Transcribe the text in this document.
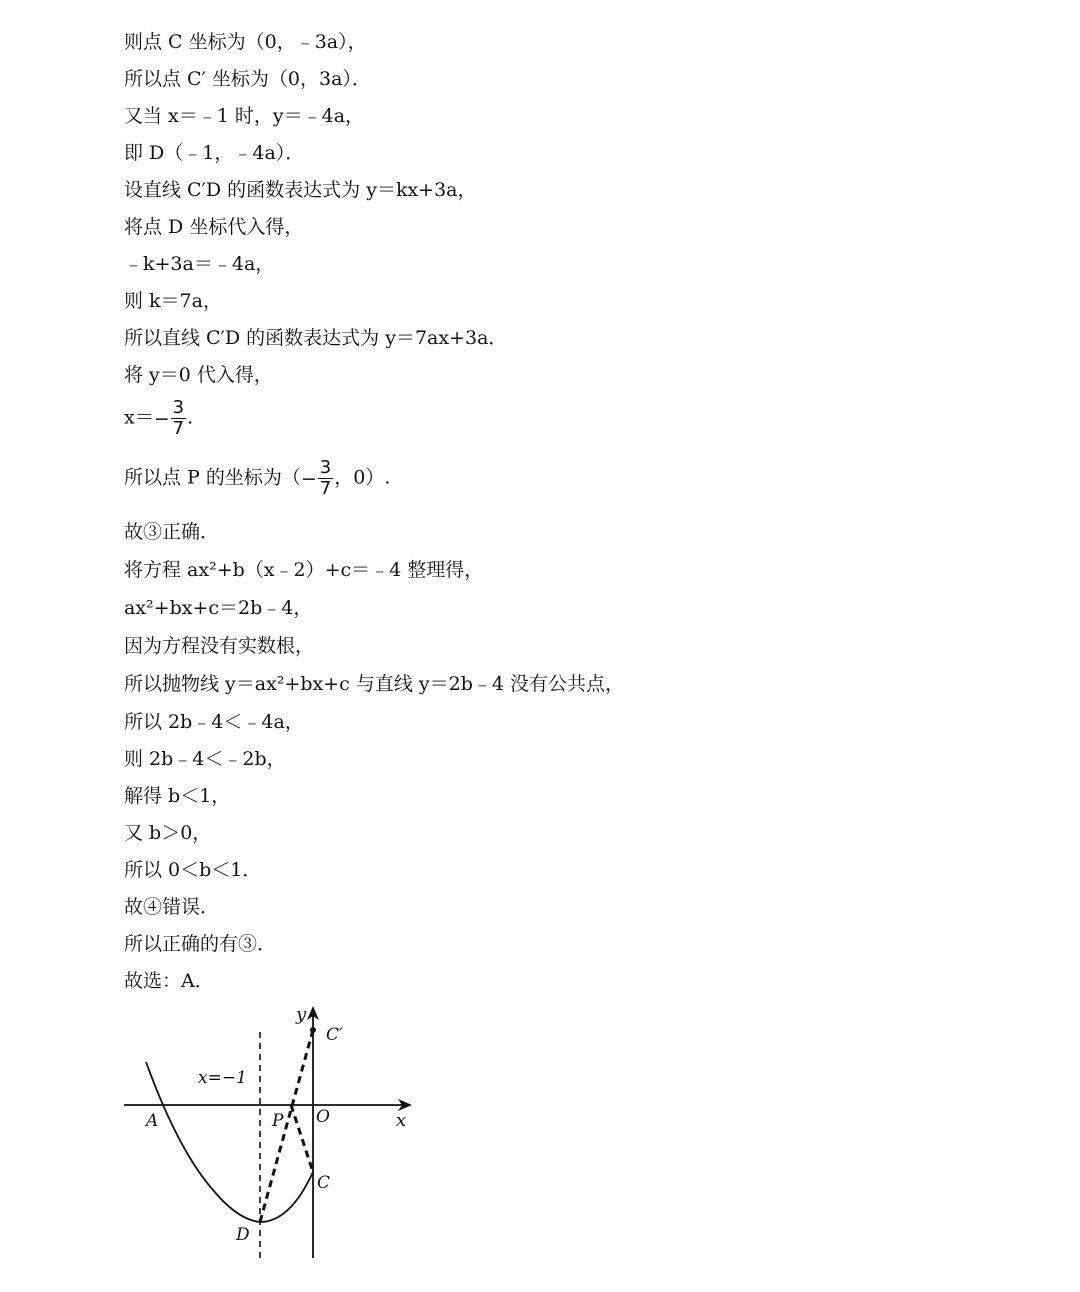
则点 C 坐标为（0，﹣3a），
所以点 C′ 坐标为（0，3a）．
又当 x＝﹣1 时，y＝﹣4a，
即 D（﹣1，﹣4a）．
设直线 C′D 的函数表达式为 y＝kx+3a，
将点 D 坐标代入得，
﹣k+3a＝﹣4a，
则 k＝7a，
所以直线 C′D 的函数表达式为 y＝7ax+3a．
将 y＝0 代入得，
$x=- \frac{3}{7}$ .
所以点 P 的坐标为（− $\frac{3}{7}$ ，0）.
故③正确．
将方程 ax²+b（x﹣2）+c＝﹣4 整理得，
ax²+bx+c＝2b﹣4，
因为方程没有实数根，
所以抛物线 y＝ax²+bx+c 与直线 y＝2b﹣4 没有公共点，
所以 2b﹣4＜﹣4a，
则 2b﹣4＜﹣2b，
解得 b＜1，
又 b＞0，
所以 0＜b＜1．
故④错误．
所以正确的有③．
故选：A．
y
x
O
A	P
C
C′
D
x=−1
